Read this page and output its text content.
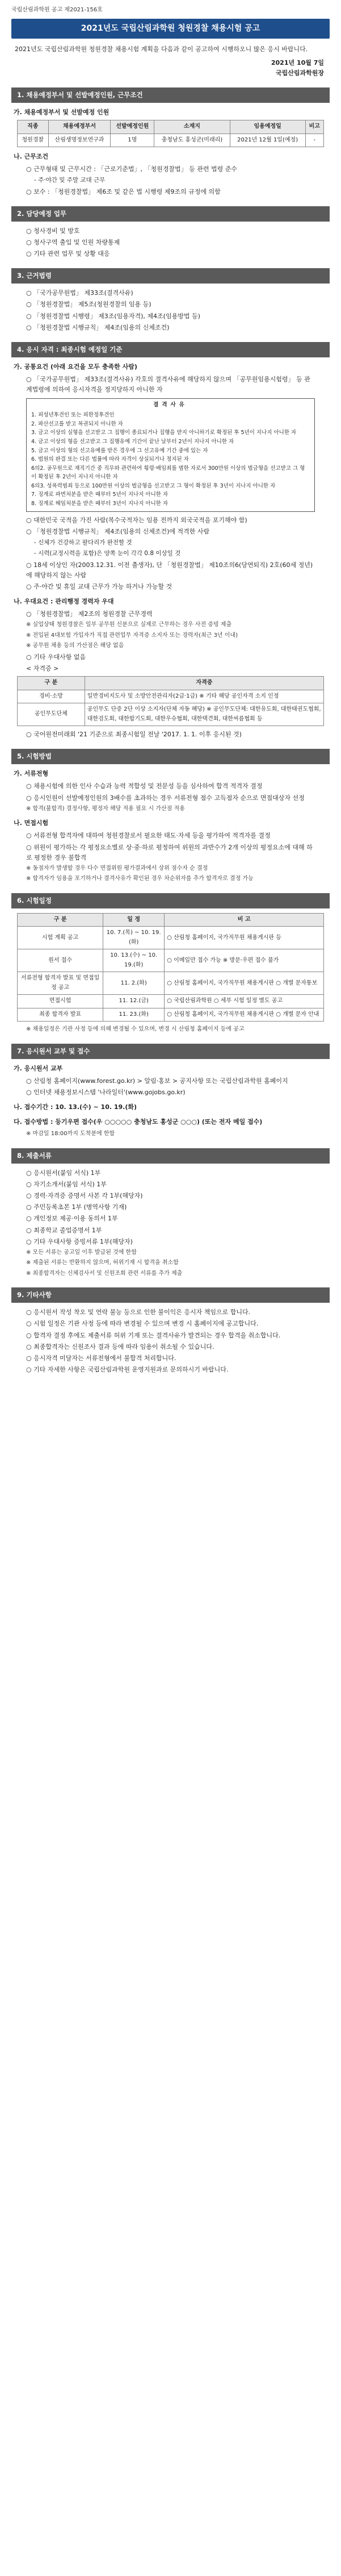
국립산림과학원 공고 제2021-156호
2021년도 국립산림과학원 청원경찰 채용시험 공고
2021년도 국립산림과학원 청원경찰 채용시험 계획을 다음과 같이 공고하여 시행하오니 많은 응시 바랍니다.
2021년 10월 7일
국립산림과학원장
1. 채용예정부서 및 선발예정인원, 근무조건
가. 채용예정부서 및 선발예정 인원
직종	채용예정부서	선발예정인원	소재지	임용예정일	비고
청원경찰	산림생명정보연구과	1명	충청남도 홍성군(미래리)	2021년 12월 1일(예정)	-
나. 근무조건
○ 근무형태 및 근무시간 : 「근로기준법」, 「청원경찰법」 등 관련 법령 준수
- 주·야간 및 주말 교대 근무
○ 보수 : 「청원경찰법」 제6조 및 같은 법 시행령 제9조의 규정에 의함
2. 담당예정 업무
○ 청사경비 및 방호
○ 청사구역 출입 및 인원 차량통제
○ 기타 관련 업무 및 상황 대응
3. 근거법령
○ 「국가공무원법」 제33조(결격사유)
○ 「청원경찰법」 제5조(청원경찰의 임용 등)
○ 「청원경찰법 시행령」 제3조(임용자격), 제4조(임용방법 등)
○ 「청원경찰법 시행규칙」 제4조(임용의 신체조건)
4. 응시 자격 : 최종시험 예정일 기준
가. 공통요건 (아래 요건을 모두 충족한 사람)
○ 「국가공무원법」 제33조(결격사유) 각호의 결격사유에 해당하지 않으며 「공무원임용시험령」 등 관계법령에 의하여 응시자격을 정지당하지 아니한 자
결격사유

1. 피성년후견인 또는 피한정후견인

2. 파산선고를 받고 복권되지 아니한 자

3. 금고 이상의 실형을 선고받고 그 집행이 종료되거나 집행을 받지 아니하기로 확정된 후 5년이 지나지 아니한 자

4. 금고 이상의 형을 선고받고 그 집행유예 기간이 끝난 날부터 2년이 지나지 아니한 자

5. 금고 이상의 형의 선고유예를 받은 경우에 그 선고유예 기간 중에 있는 자

6. 법원의 판결 또는 다른 법률에 따라 자격이 상실되거나 정지된 자

6의2. 공무원으로 재직기간 중 직무와 관련하여 횡령·배임죄를 범한 자로서 300만원 이상의 벌금형을 선고받고 그 형이 확정된 후 2년이 지나지 아니한 자

6의3. 성폭력범죄 등으로 100만원 이상의 벌금형을 선고받고 그 형이 확정된 후 3년이 지나지 아니한 자

7. 징계로 파면처분을 받은 때부터 5년이 지나지 아니한 자

8. 징계로 해임처분을 받은 때부터 3년이 지나지 아니한 자

○ 대한민국 국적을 가진 사람(복수국적자는 임용 전까지 외국국적을 포기해야 함)
○ 「청원경찰법 시행규칙」 제4조(임용의 신체조건)에 적격한 사람
- 신체가 건강하고 팔다리가 완전할 것
- 시력(교정시력을 포함)은 양쪽 눈이 각각 0.8 이상일 것
○ 18세 이상인 자(2003.12.31. 이전 출생자), 단 「청원경찰법」 제10조의6(당연퇴직) 2호(60세 정년)에 해당하지 않는 사람
○ 주·야간 및 휴일 교대 근무가 가능 하거나 가능할 것
나. 우대요건 : 관리행정 경력자 우대
○ 「청원경찰법」 제2조의 청원경찰 근무경력
※ 실업상태 청원경찰은 일부 공무원 신분으로 실제로 근무하는 경우 사전 증빙 제출
※ 전입된 4대보험 가입자가 직접 관련업무 자격증 소지자 또는 경력자(최근 3년 이내)
※ 공무원 채용 등의 가산점은 해당 없음
○ 기타 우대사항 없음
< 자격증 >
구 분	자격증
경비·소방	일반경비지도사 및 소방안전관리자(2급·1급) ※ 기타 해당 공인자격 소지 인정
공인무도단체	공인무도 단증 2단 이상 소지자(단체 자동 해당) ※ 공인무도단체: 대한유도회, 대한태권도협회, 대한검도회, 대한합기도회, 대한우슈협회, 대한택견회, 대한씨름협회 등
○ 국어원전미래회 '21 기준으로 최종시험일 전날 '2017. 1. 1. 이후 응시된 것)
5. 시험방법
가. 서류전형
○ 채용시험에 의한 인사 수습과 능력 적합성 및 전문성 등을 심사하여 합격 적격자 결정
○ 응시인원이 선발예정인원의 3배수를 초과하는 경우 서류전형 점수 고득점자 순으로 면접대상자 선정
※ 합격(불합격) 결정사항, 평정자 해당 적용 필요 시 가산점 적용
나. 면접시험
○ 서류전형 합격자에 대하여 청원경찰로서 필요한 태도·자세 등을 평가하여 적격자를 결정
○ 위원이 평가하는 각 평정요소별로 상·중·하로 평정하여 위원의 과반수가 2개 이상의 평정요소에 대해 하로 평정한 경우 불합격
※ 동점자가 발생할 경우 다수 면접위원 평가결과에서 상위 점수자 순 결정
※ 합격자가 임용을 포기하거나 결격사유가 확인된 경우 차순위자를 추가 합격자로 결정 가능
6. 시험일정
구 분	일 정	비 고
시험 계획 공고	10. 7.(목) ~ 10. 19.(화)	○ 산림청 홈페이지, 국가직무원 채용게시판 등
원서 접수	10. 13.(수) ~ 10. 19.(화)	○ 이메일만 접수 가능 ※ 방문·우편 접수 불가
서류전형 합격자 발표 및 면접일정 공고	11. 2.(화)	○ 산림청 홈페이지, 국가직무원 채용게시판 ○ 개별 문자통보
면접시험	11. 12.(금)	○ 국립산림과학원 ○ 세부 시험 일정 별도 공고
최종 합격자 발표	11. 23.(화)	○ 산림청 홈페이지, 국가직무원 채용게시판 ○ 개별 문자 안내
※ 채용일정은 기관 사정 등에 의해 변경될 수 있으며, 변경 시 산림청 홈페이지 등에 공고
7. 응시원서 교부 및 접수
가. 응시원서 교부
○ 산림청 홈페이지(www.forest.go.kr) > 알림·홍보 > 공지사항 또는 국립산림과학원 홈페이지
○ 인터넷 채용정보시스템 '나라일터'(www.gojobs.go.kr)
나. 접수기간 : 10. 13.(수) ~ 10. 19.(화)
다. 접수방법 : 등기우편 접수(우 ○○○○○ 충청남도 홍성군 ○○○) (또는 전자 메일 접수)
※ 마감일 18:00까지 도착분에 한함
8. 제출서류
○ 응시원서(붙임 서식) 1부
○ 자기소개서(붙임 서식) 1부
○ 경력·자격증 증명서 사본 각 1부(해당자)
○ 주민등록초본 1부 (병역사항 기재)
○ 개인정보 제공·이용 동의서 1부
○ 최종학교 졸업증명서 1부
○ 기타 우대사항 증빙서류 1부(해당자)
※ 모든 서류는 공고일 이후 발급된 것에 한함
※ 제출된 서류는 반환하지 않으며, 허위기재 시 합격을 취소함
※ 최종합격자는 신체검사서 및 신원조회 관련 서류를 추가 제출
9. 기타사항
○ 응시원서 작성 착오 및 연락 불능 등으로 인한 불이익은 응시자 책임으로 합니다.
○ 시험 일정은 기관 사정 등에 따라 변경될 수 있으며 변경 시 홈페이지에 공고합니다.
○ 합격자 결정 후에도 제출서류 허위 기재 또는 결격사유가 발견되는 경우 합격을 취소합니다.
○ 최종합격자는 신원조사 결과 등에 따라 임용이 취소될 수 있습니다.
○ 응시자격 미달자는 서류전형에서 불합격 처리합니다.
○ 기타 자세한 사항은 국립산림과학원 운영지원과로 문의하시기 바랍니다.
